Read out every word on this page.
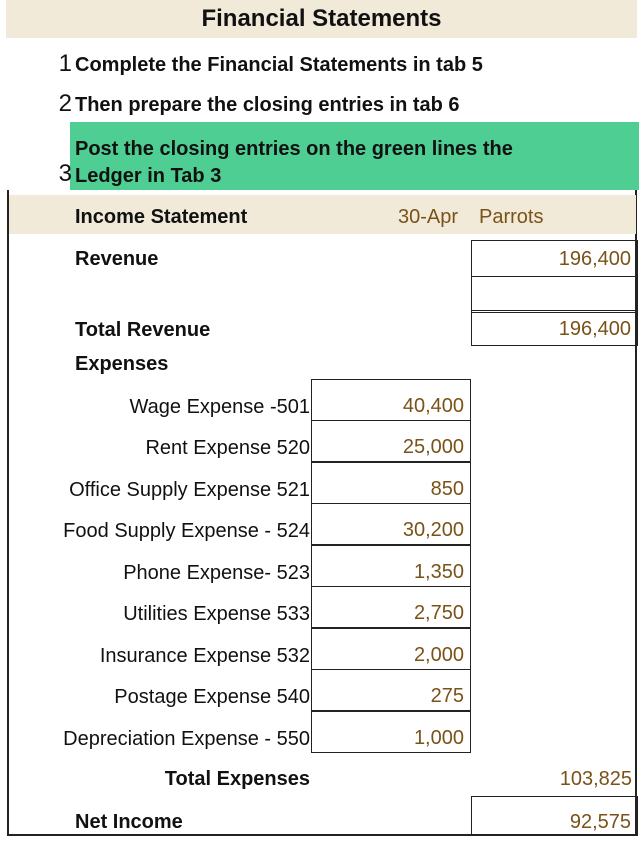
Financial Statements
1 Complete the Financial Statements in tab 5
2 Then prepare the closing entries in tab 6
Post the closing entries on the green lines the
3 Ledger in Tab 3
Income Statement	30-Apr Parrots
Revenue	196,400
Total Revenue	196,400
Expenses
Wage Expense -501	40,400
Rent Expense 520	25,000
Office Supply Expense 521	850
Food Supply Expense - 524	30,200
Phone Expense- 523	1,350
Utilities Expense 533	2,750
Insurance Expense 532	2,000
Postage Expense 540	275
Depreciation Expense - 550	1,000
Total Expenses	103,825
Net Income	92,575
